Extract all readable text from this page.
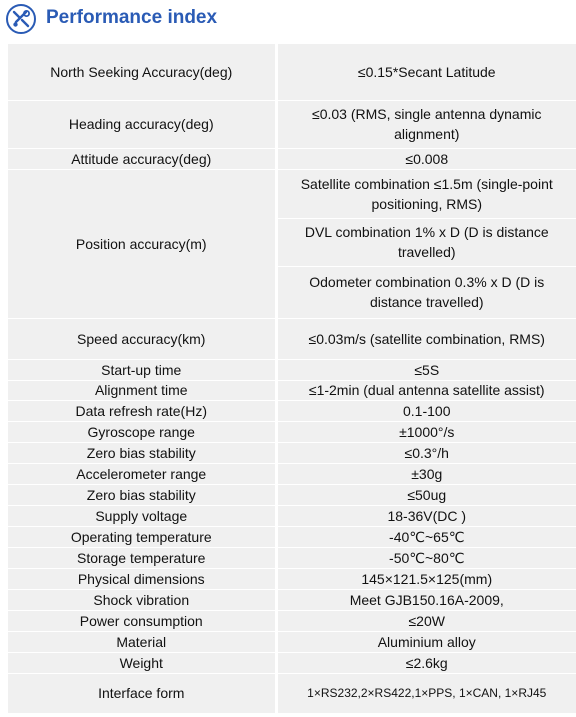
Performance index
North Seeking Accuracy(deg)	≤0.15*Secant Latitude
Heading accuracy(deg)	≤0.03 (RMS, single antenna dynamic alignment)
Attitude accuracy(deg)	≤0.008
Position accuracy(m)	Satellite combination ≤1.5m (single-point positioning, RMS)
	DVL combination 1% x D (D is distance travelled)
	Odometer combination 0.3% x D (D is distance travelled)
Speed accuracy(km)	≤0.03m/s (satellite combination, RMS)
Start-up time	≤5S
Alignment time	≤1-2min (dual antenna satellite assist)
Data refresh rate(Hz)	0.1-100
Gyroscope range	±1000°/s
Zero bias stability	≤0.3°/h
Accelerometer range	±30g
Zero bias stability	≤50ug
Supply voltage	18-36V(DC )
Operating temperature	-40℃~65℃
Storage temperature	-50℃~80℃
Physical dimensions	145×121.5×125(mm)
Shock vibration	Meet GJB150.16A-2009,
Power consumption	≤20W
Material	Aluminium alloy
Weight	≤2.6kg
Interface form	1×RS232,2×RS422,1×PPS, 1×CAN, 1×RJ45
